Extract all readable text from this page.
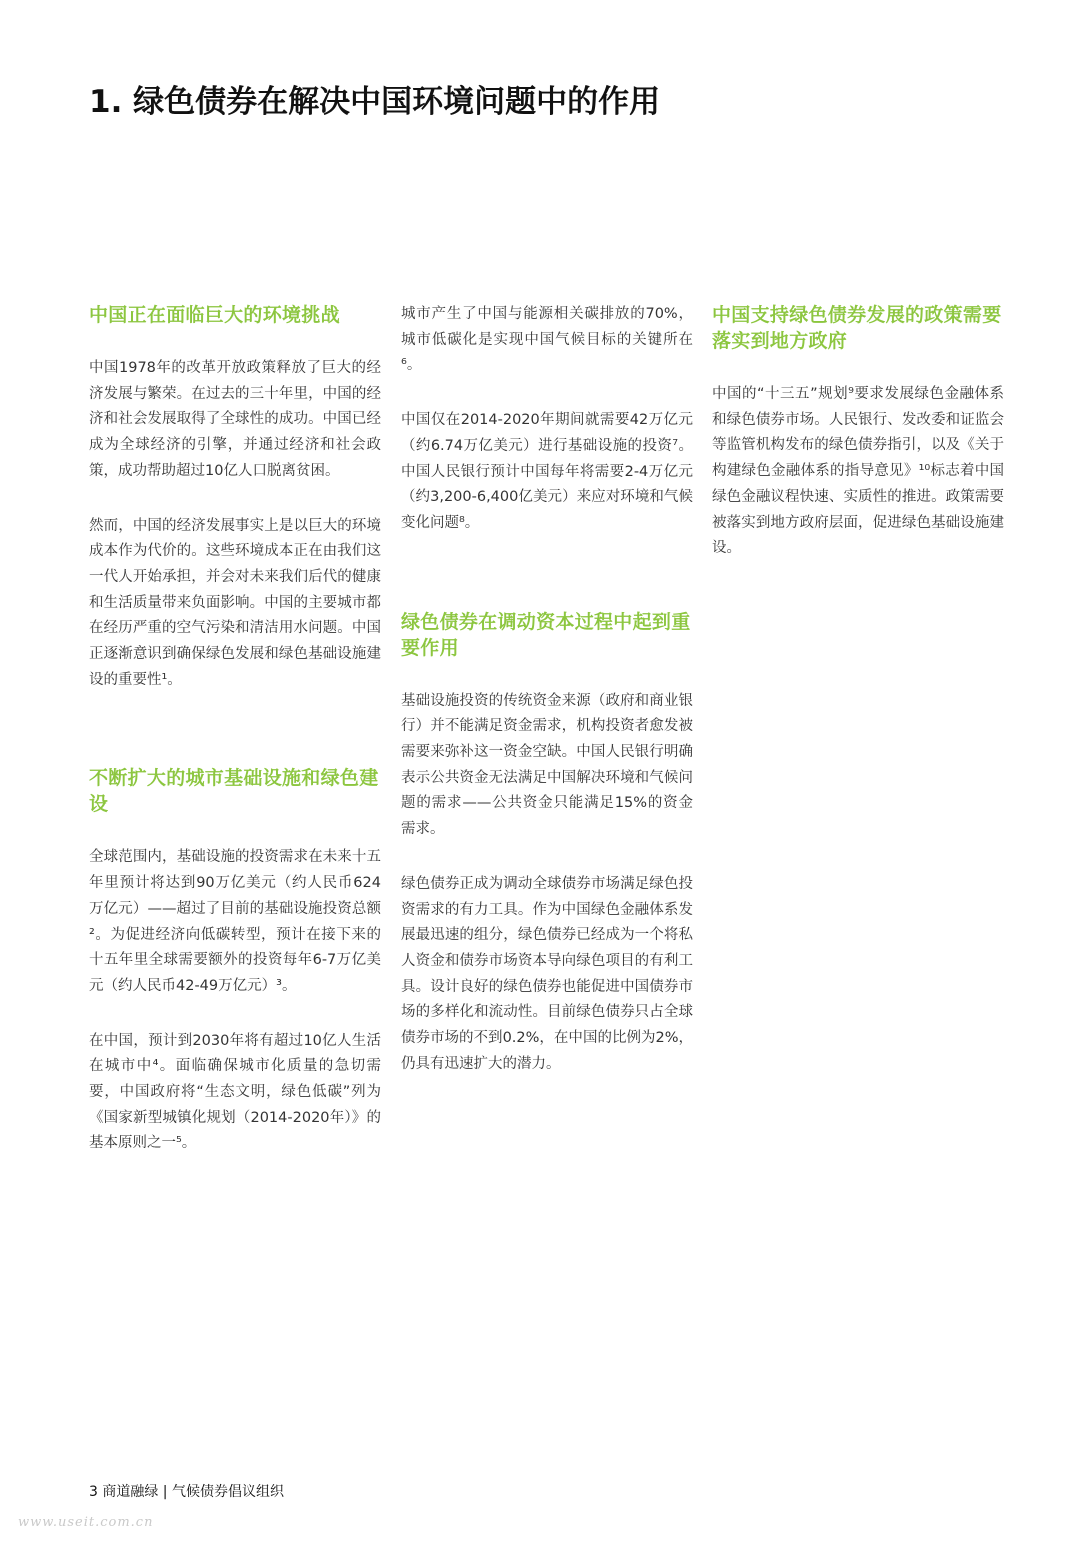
1. 绿色债券在解决中国环境问题中的作用
中国正在面临巨大的环境挑战

中国1978年的改革开放政策释放了巨大的经济发展与繁荣。在过去的三十年里，中国的经济和社会发展取得了全球性的成功。中国已经成为全球经济的引擎，并通过经济和社会政策，成功帮助超过10亿人口脱离贫困。

然而，中国的经济发展事实上是以巨大的环境成本作为代价的。这些环境成本正在由我们这一代人开始承担，并会对未来我们后代的健康和生活质量带来负面影响。中国的主要城市都在经历严重的空气污染和清洁用水问题。中国正逐渐意识到确保绿色发展和绿色基础设施建设的重要性¹。

不断扩大的城市基础设施和绿色建设

全球范围内，基础设施的投资需求在未来十五年里预计将达到90万亿美元（约人民币624万亿元）——超过了目前的基础设施投资总额²。为促进经济向低碳转型，预计在接下来的十五年里全球需要额外的投资每年6-7万亿美元（约人民币42-49万亿元）³。

在中国，预计到2030年将有超过10亿人生活在城市中⁴。面临确保城市化质量的急切需要，中国政府将“生态文明，绿色低碳”列为《国家新型城镇化规划（2014-2020年）》的基本原则之一⁵。

城市产生了中国与能源相关碳排放的70%，城市低碳化是实现中国气候目标的关键所在⁶。

中国仅在2014-2020年期间就需要42万亿元（约6.74万亿美元）进行基础设施的投资⁷。中国人民银行预计中国每年将需要2-4万亿元（约3,200-6,400亿美元）来应对环境和气候变化问题⁸。

绿色债券在调动资本过程中起到重要作用

基础设施投资的传统资金来源（政府和商业银行）并不能满足资金需求，机构投资者愈发被需要来弥补这一资金空缺。中国人民银行明确表示公共资金无法满足中国解决环境和气候问题的需求——公共资金只能满足15%的资金需求。

绿色债券正成为调动全球债券市场满足绿色投资需求的有力工具。作为中国绿色金融体系发展最迅速的组分，绿色债券已经成为一个将私人资金和债券市场资本导向绿色项目的有利工具。设计良好的绿色债券也能促进中国债券市场的多样化和流动性。目前绿色债券只占全球债券市场的不到0.2%，在中国的比例为2%，仍具有迅速扩大的潜力。

中国支持绿色债券发展的政策需要落实到地方政府

中国的“十三五”规划⁹要求发展绿色金融体系和绿色债券市场。人民银行、发改委和证监会等监管机构发布的绿色债券指引，以及《关于构建绿色金融体系的指导意见》¹⁰标志着中国绿色金融议程快速、实质性的推进。政策需要被落实到地方政府层面，促进绿色基础设施建设。

3 商道融绿 | 气候债券倡议组织
www.useit.com.cn
